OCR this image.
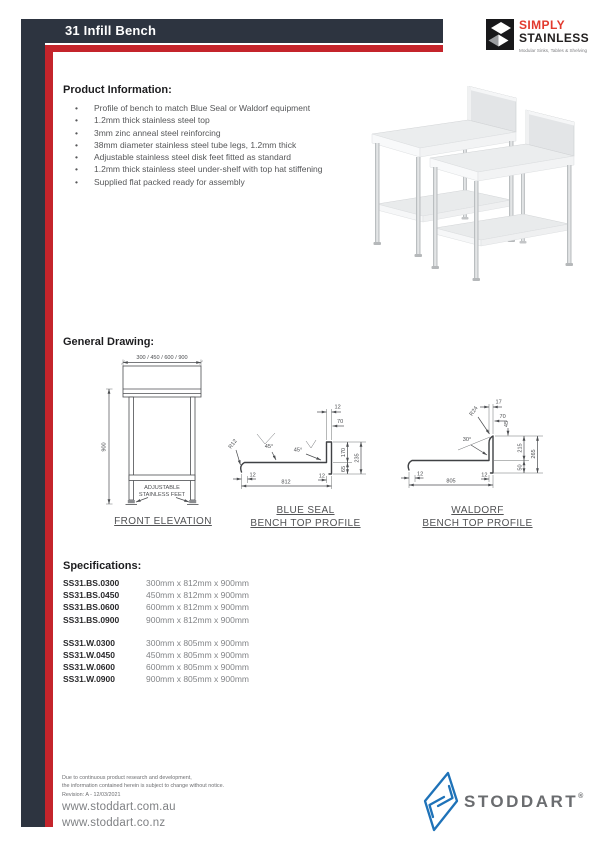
31 Infill Bench	SIMPLY
STAINLESS
Modular Sinks, Tables & Shelving
Product Information:
• Profile of bench to match Blue Seal or Waldorf equipment
• 1.2mm thick stainless steel top
• 3mm zinc anneal steel reinforcing
• 38mm diameter stainless steel tube legs, 1.2mm thick
• Adjustable stainless steel disk feet fitted as standard
• 1.2mm thick stainless steel under-shelf with top hat stiffening
• Supplied flat packed ready for assembly
General Drawing:
300 / 450 / 600 / 900
900
ADJUSTABLE
STAINLESS FEET
FRONT ELEVATION
12
70
45°
45°
R12
170
235
65
12
812
12
BLUE SEAL
BENCH TOP PROFILE
17
70
R24
45
30°
215
265
50
12
805
12
WALDORF
BENCH TOP PROFILE
Specifications:
SS31.BS.0300	300mm x 812mm x 900mm
SS31.BS.0450	450mm x 812mm x 900mm
SS31.BS.0600	600mm x 812mm x 900mm
SS31.BS.0900	900mm x 812mm x 900mm
SS31.W.0300	300mm x 805mm x 900mm
SS31.W.0450	450mm x 805mm x 900mm
SS31.W.0600	600mm x 805mm x 900mm
SS31.W.0900	900mm x 805mm x 900mm
Due to continuous product research and development,
the information contained herein is subject to change without notice.
Revision: A - 12/03/2021
www.stoddart.com.au
www.stoddart.co.nz
STODDART®
